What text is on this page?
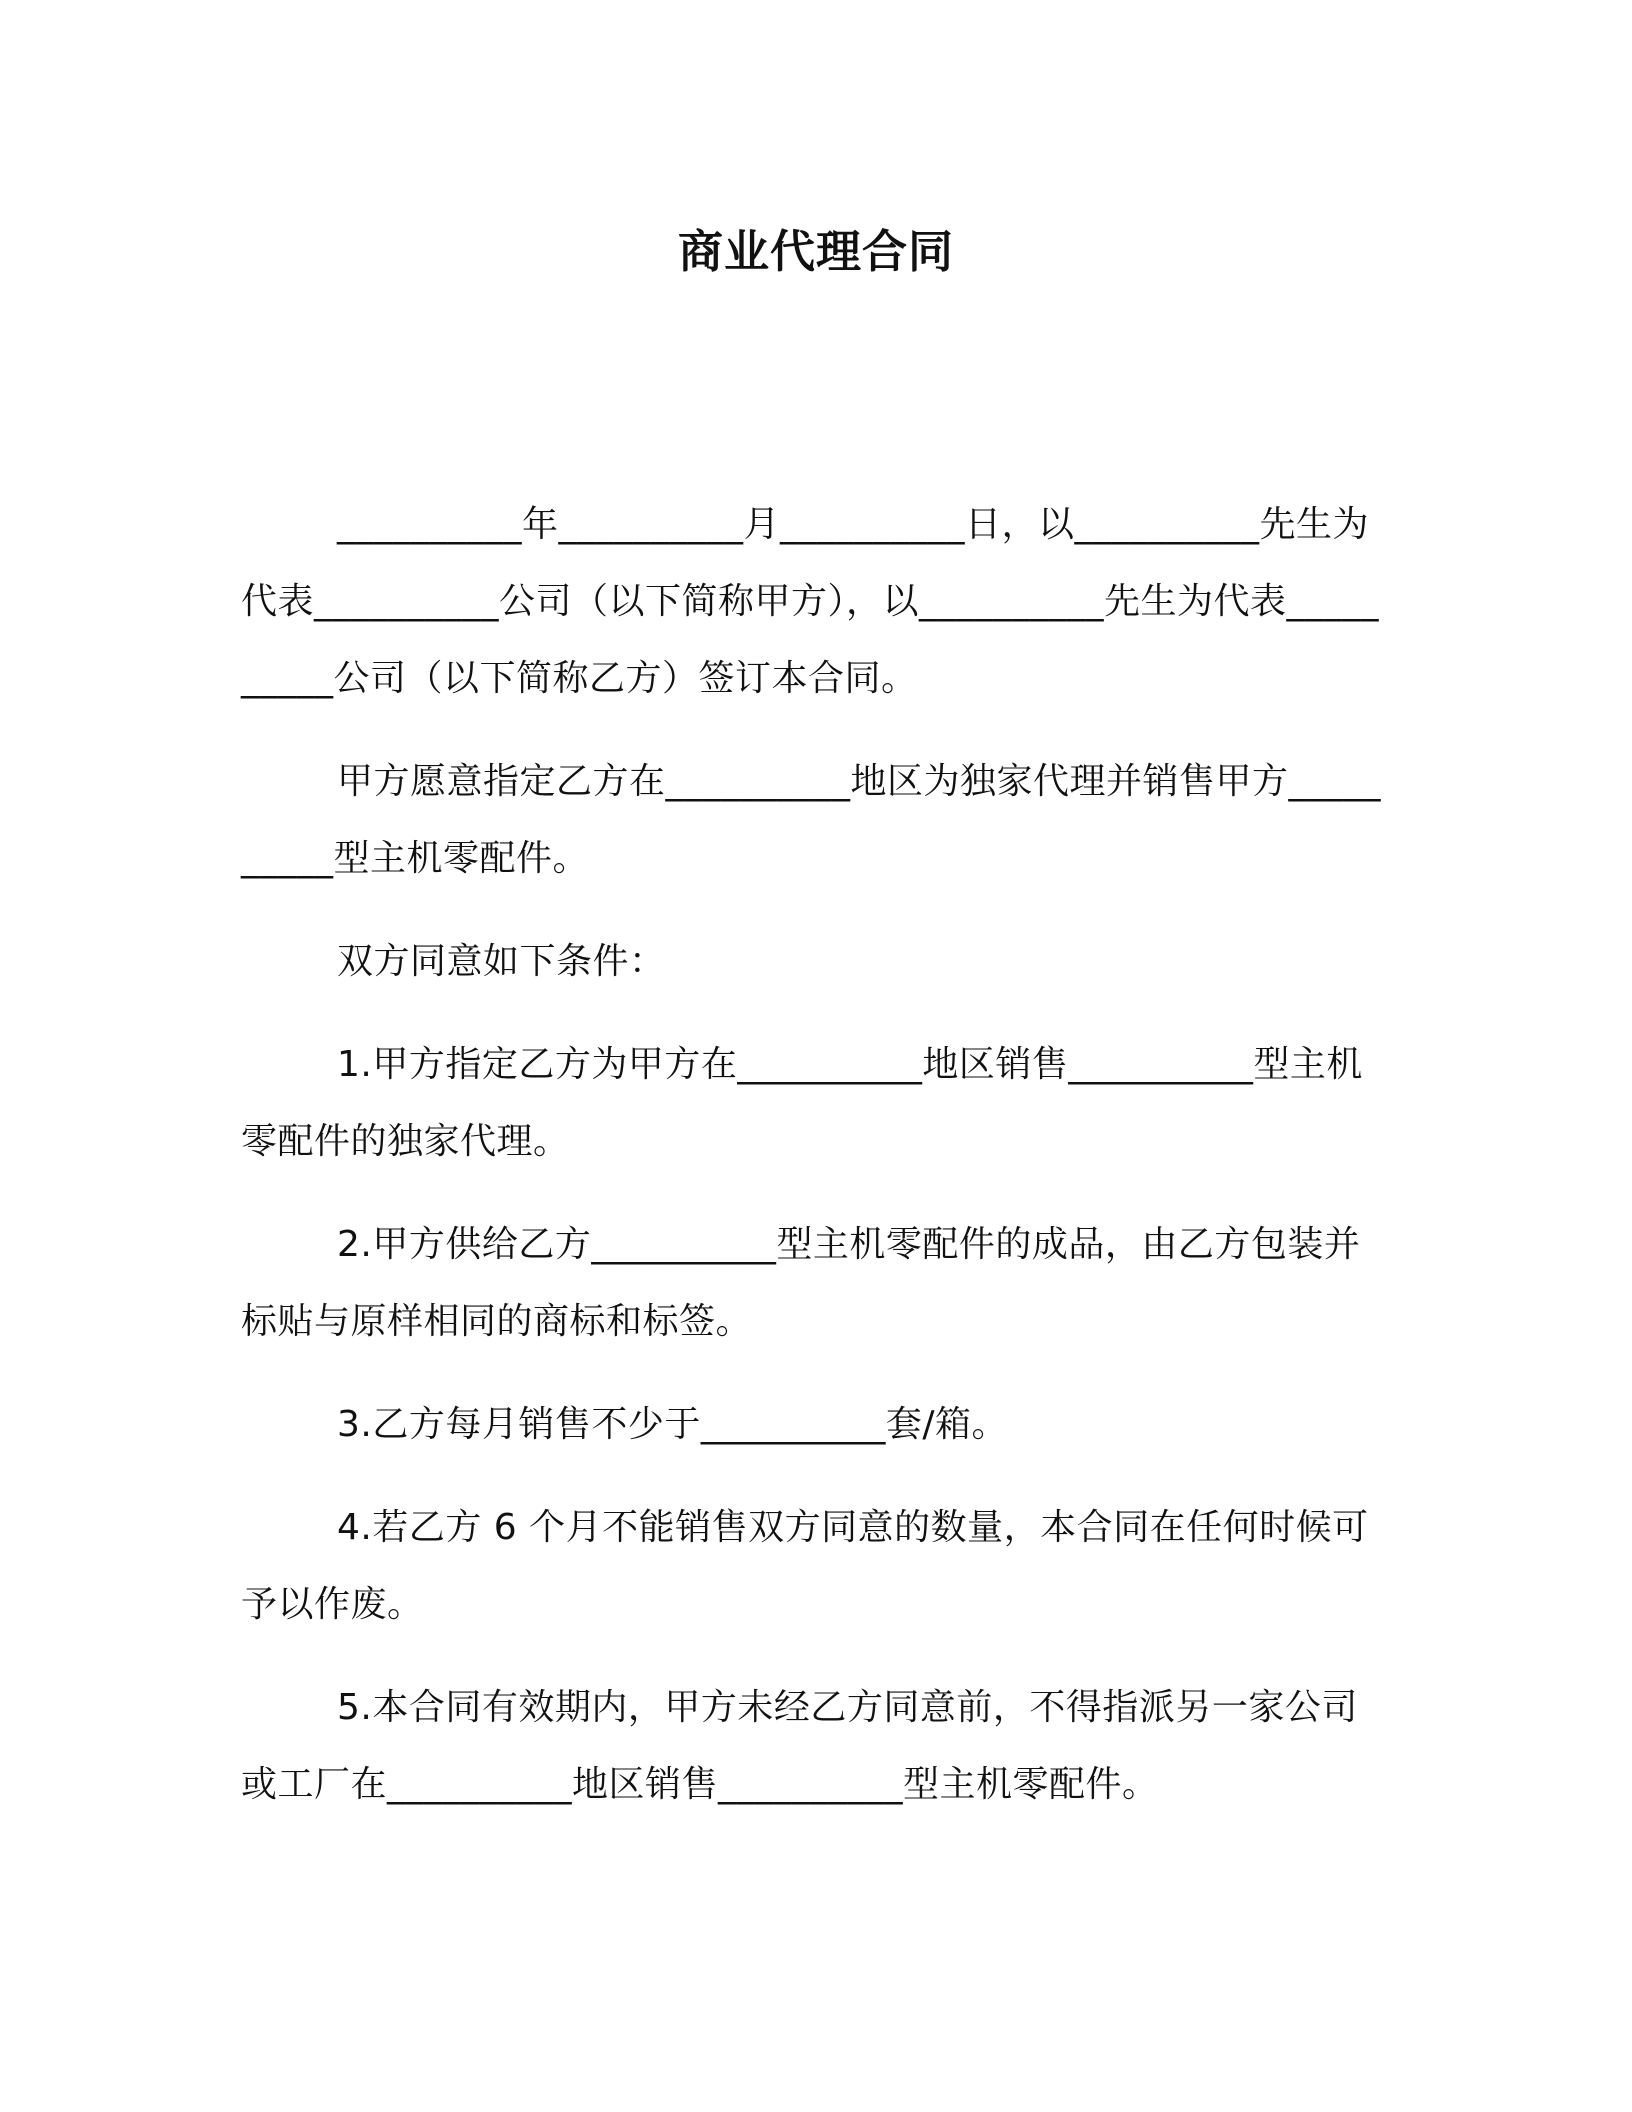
商业代理合同

__________年__________月__________日，以__________先生为代表__________公司（以下简称甲方），以__________先生为代表__________公司（以下简称乙方）签订本合同。

甲方愿意指定乙方在__________地区为独家代理并销售甲方__________型主机零配件。

双方同意如下条件：

1.甲方指定乙方为甲方在__________地区销售__________型主机零配件的独家代理。

2.甲方供给乙方__________型主机零配件的成品，由乙方包装并标贴与原样相同的商标和标签。

3.乙方每月销售不少于__________套/箱。

4.若乙方 6 个月不能销售双方同意的数量，本合同在任何时候可予以作废。

5.本合同有效期内，甲方未经乙方同意前，不得指派另一家公司或工厂在__________地区销售__________型主机零配件。
